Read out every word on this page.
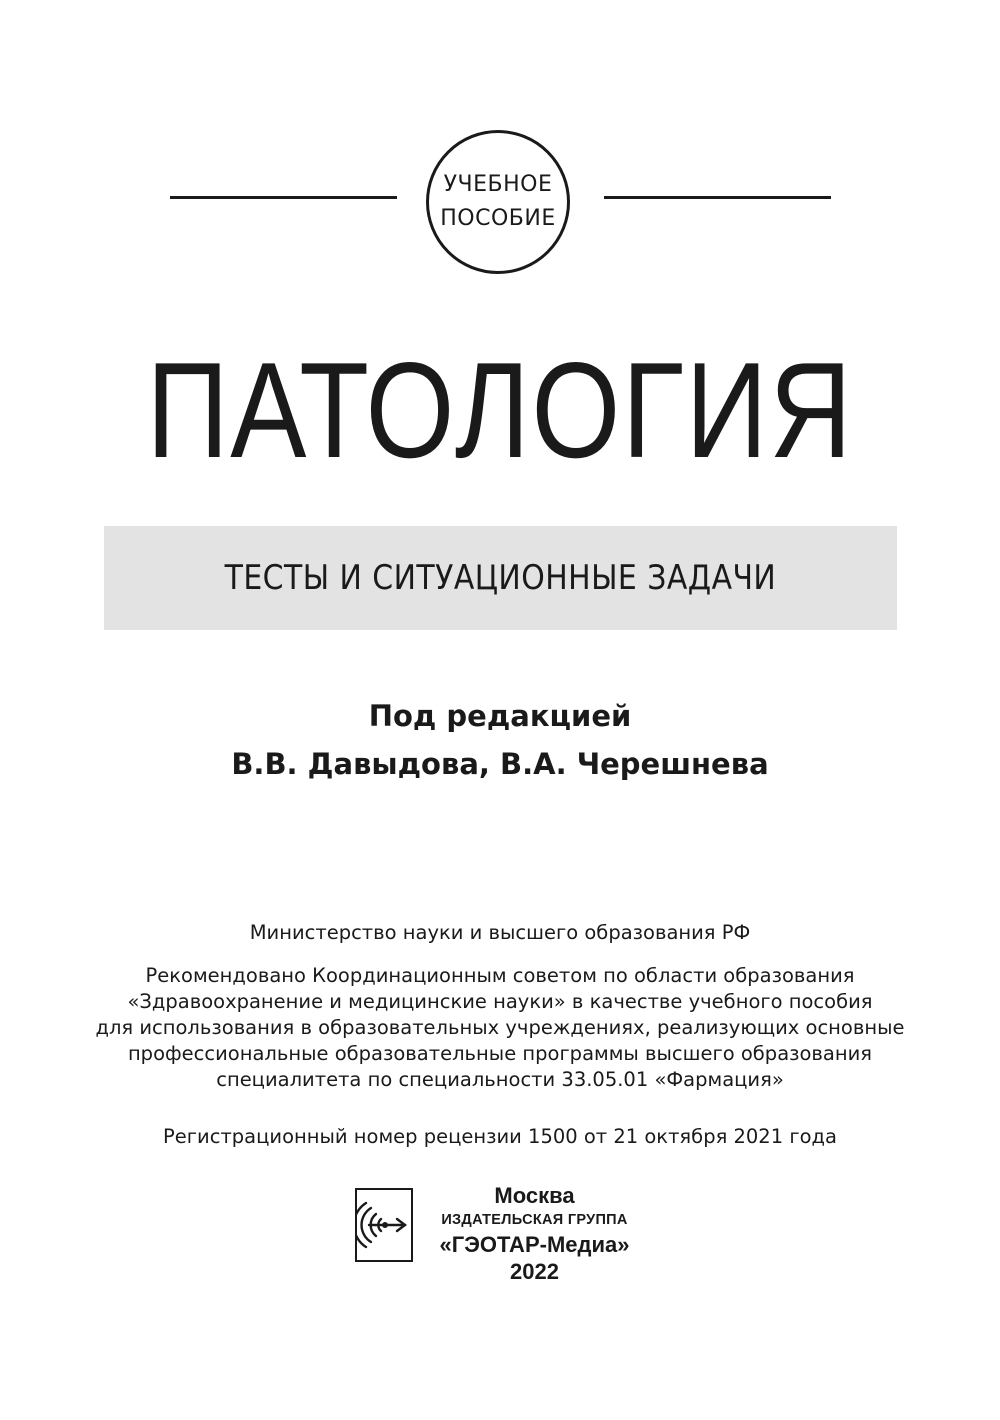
УЧЕБНОЕ
ПОСОБИЕ
ПАТОЛОГИЯ
ТЕСТЫ И СИТУАЦИОННЫЕ ЗАДАЧИ
Под редакцией
В.В. Давыдова, В.А. Черешнева
Министерство науки и высшего образования РФ
Рекомендовано Координационным советом по области образования
«Здравоохранение и медицинские науки» в качестве учебного пособия
для использования в образовательных учреждениях, реализующих основные
профессиональные образовательные программы высшего образования
специалитета по специальности 33.05.01 «Фармация»
Регистрационный номер рецензии 1500 от 21 октября 2021 года
Москва
ИЗДАТЕЛЬСКАЯ ГРУППА
«ГЭОТАР-Медиа»
2022
